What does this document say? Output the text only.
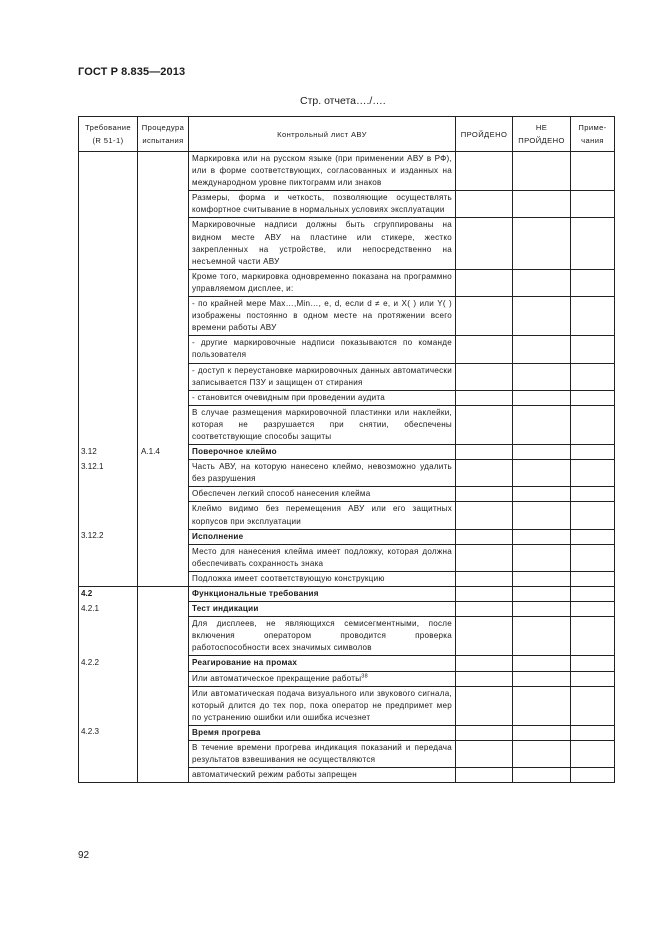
ГОСТ Р 8.835—2013
Стр. отчета…./….
Требование (R 51-1)	Процедура испытания	Контрольный лист АВУ	ПРОЙДЕНО	НЕ ПРОЙДЕНО	Приме-чания
		Маркировка или на русском языке (при применении АВУ в РФ), или в форме соответствующих, согласованных и изданных на международном уровне пиктограмм или знаков			
		Размеры, форма и четкость, позволяющие осуществлять комфортное считывание в нормальных условиях эксплуатации			
		Маркировочные надписи должны быть сгруппированы на видном месте АВУ на пластине или стикере, жестко закрепленных на устройстве, или непосредственно на несъемной части АВУ			
		Кроме того, маркировка одновременно показана на программно управляемом дисплее, и:			
		- по крайней мере Max…,Min…, e, d, если d ≠ e, и X( ) или Y( ) изображены постоянно в одном месте на протяжении всего времени работы АВУ			
		- другие маркировочные надписи показываются по команде пользователя			
		- доступ к переустановке маркировочных данных автоматически записывается ПЗУ и защищен от стирания			
		- становится очевидным при проведении аудита			
		В случае размещения маркировочной пластинки или наклейки, которая не разрушается при снятии, обеспечены соответствующие способы защиты			
3.12	А.1.4	Поверочное клеймо			
3.12.1		Часть АВУ, на которую нанесено клеймо, невозможно удалить без разрушения			
		Обеспечен легкий способ нанесения клейма			
		Клеймо видимо без перемещения АВУ или его защитных корпусов при эксплуатации			
3.12.2		Исполнение			
		Место для нанесения клейма имеет подложку, которая должна обеспечивать сохранность знака			
		Подложка имеет соответствующую конструкцию			
4.2		Функциональные требования			
4.2.1		Тест индикации			
		Для дисплеев, не являющихся семисегментными, после включения оператором проводится проверка работоспособности всех значимых символов			
4.2.2		Реагирование на промах			
		Или автоматическое прекращение работы$^{38}$			
		Или автоматическая подача визуального или звукового сигнала, который длится до тех пор, пока оператор не предпримет мер по устранению ошибки или ошибка исчезнет			
4.2.3		Время прогрева			
		В течение времени прогрева индикация показаний и передача результатов взвешивания не осуществляются			
		автоматический режим работы запрещен			
92
